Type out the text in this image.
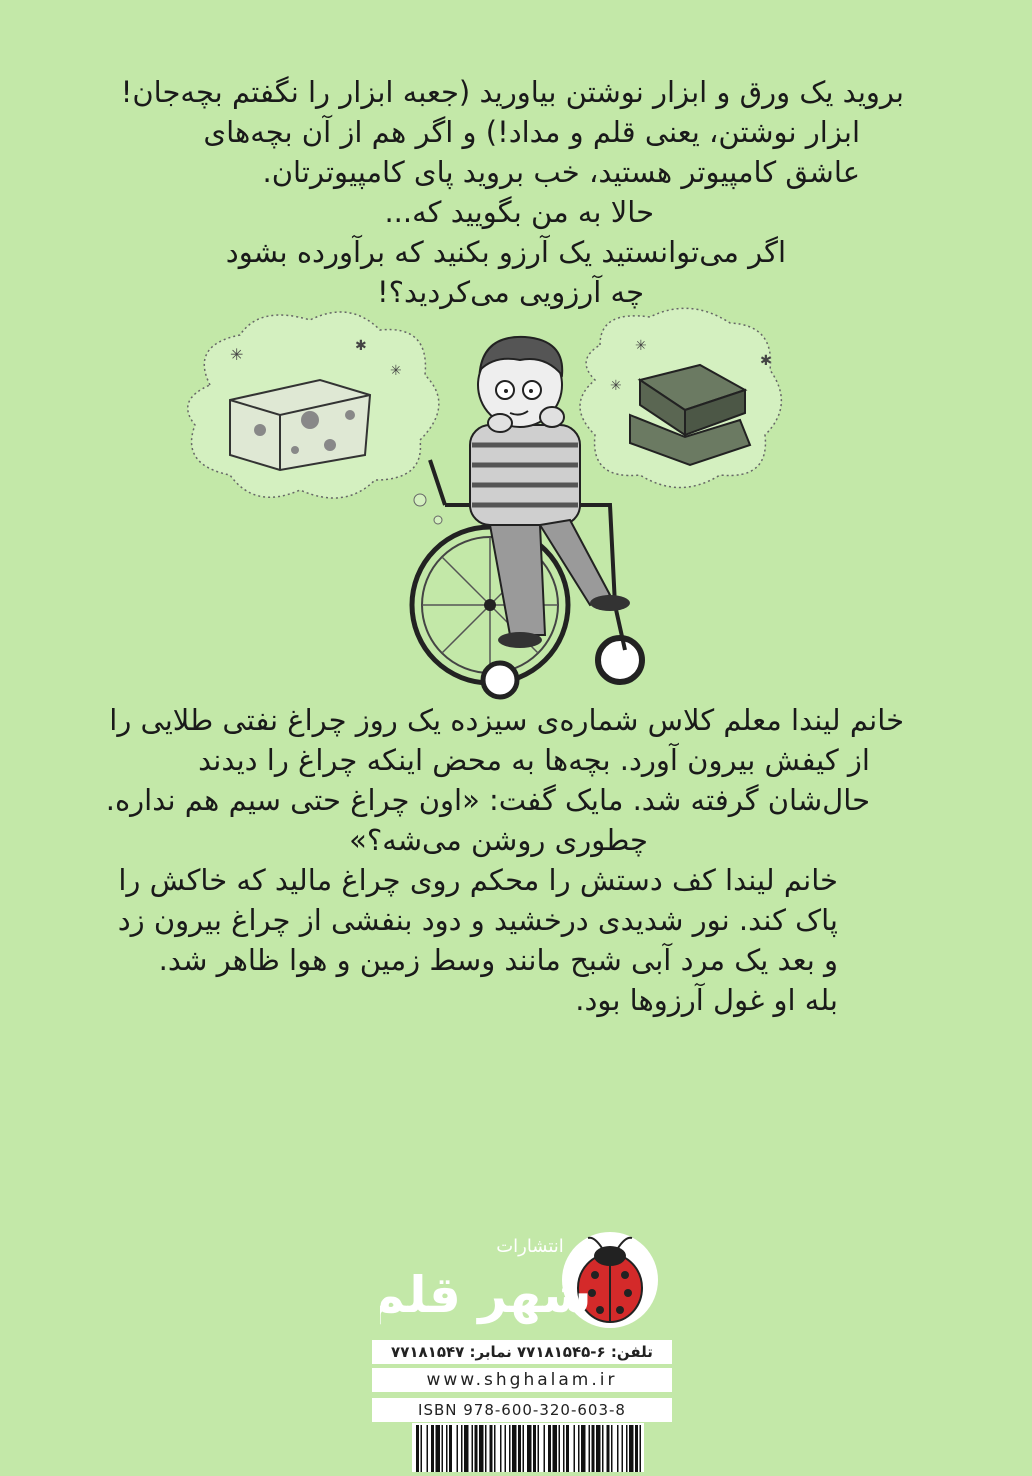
بروید یک ورق و ابزار نوشتن بیاورید (جعبه ابزار را نگفتم بچه‌جان!
ابزار نوشتن، یعنی قلم و مداد!) و اگر هم از آن بچه‌های
عاشق کامپیوتر هستید، خب بروید پای کامپیوترتان.
حالا به من بگویید که...
اگر می‌توانستید یک آرزو بکنید که برآورده بشود
چه آرزویی می‌کردید؟!

✳	✱
✳
✳
✱
✳

خانم لیندا معلم کلاس شماره‌ی سیزده یک روز چراغ نفتی طلایی را
از کیفش بیرون آورد. بچه‌ها به محض اینکه چراغ را دیدند
حال‌شان گرفته شد. مایک گفت: «اون چراغ حتی سیم هم نداره.
چطوری روشن می‌شه؟»
خانم لیندا کف دستش را محکم روی چراغ مالید که خاکش را
پاک کند. نور شدیدی درخشید و دود بنفشی از چراغ بیرون زد
و بعد یک مرد آبی شبح مانند وسط زمین و هوا ظاهر شد.
بله او غول آرزوها بود.

انتشارات
شهر قلم
تلفن: ۶-۷۷۱۸۱۵۴۵ نمابر: ۷۷۱۸۱۵۴۷
www.shghalam.ir
ISBN 978-600-320-603-8
